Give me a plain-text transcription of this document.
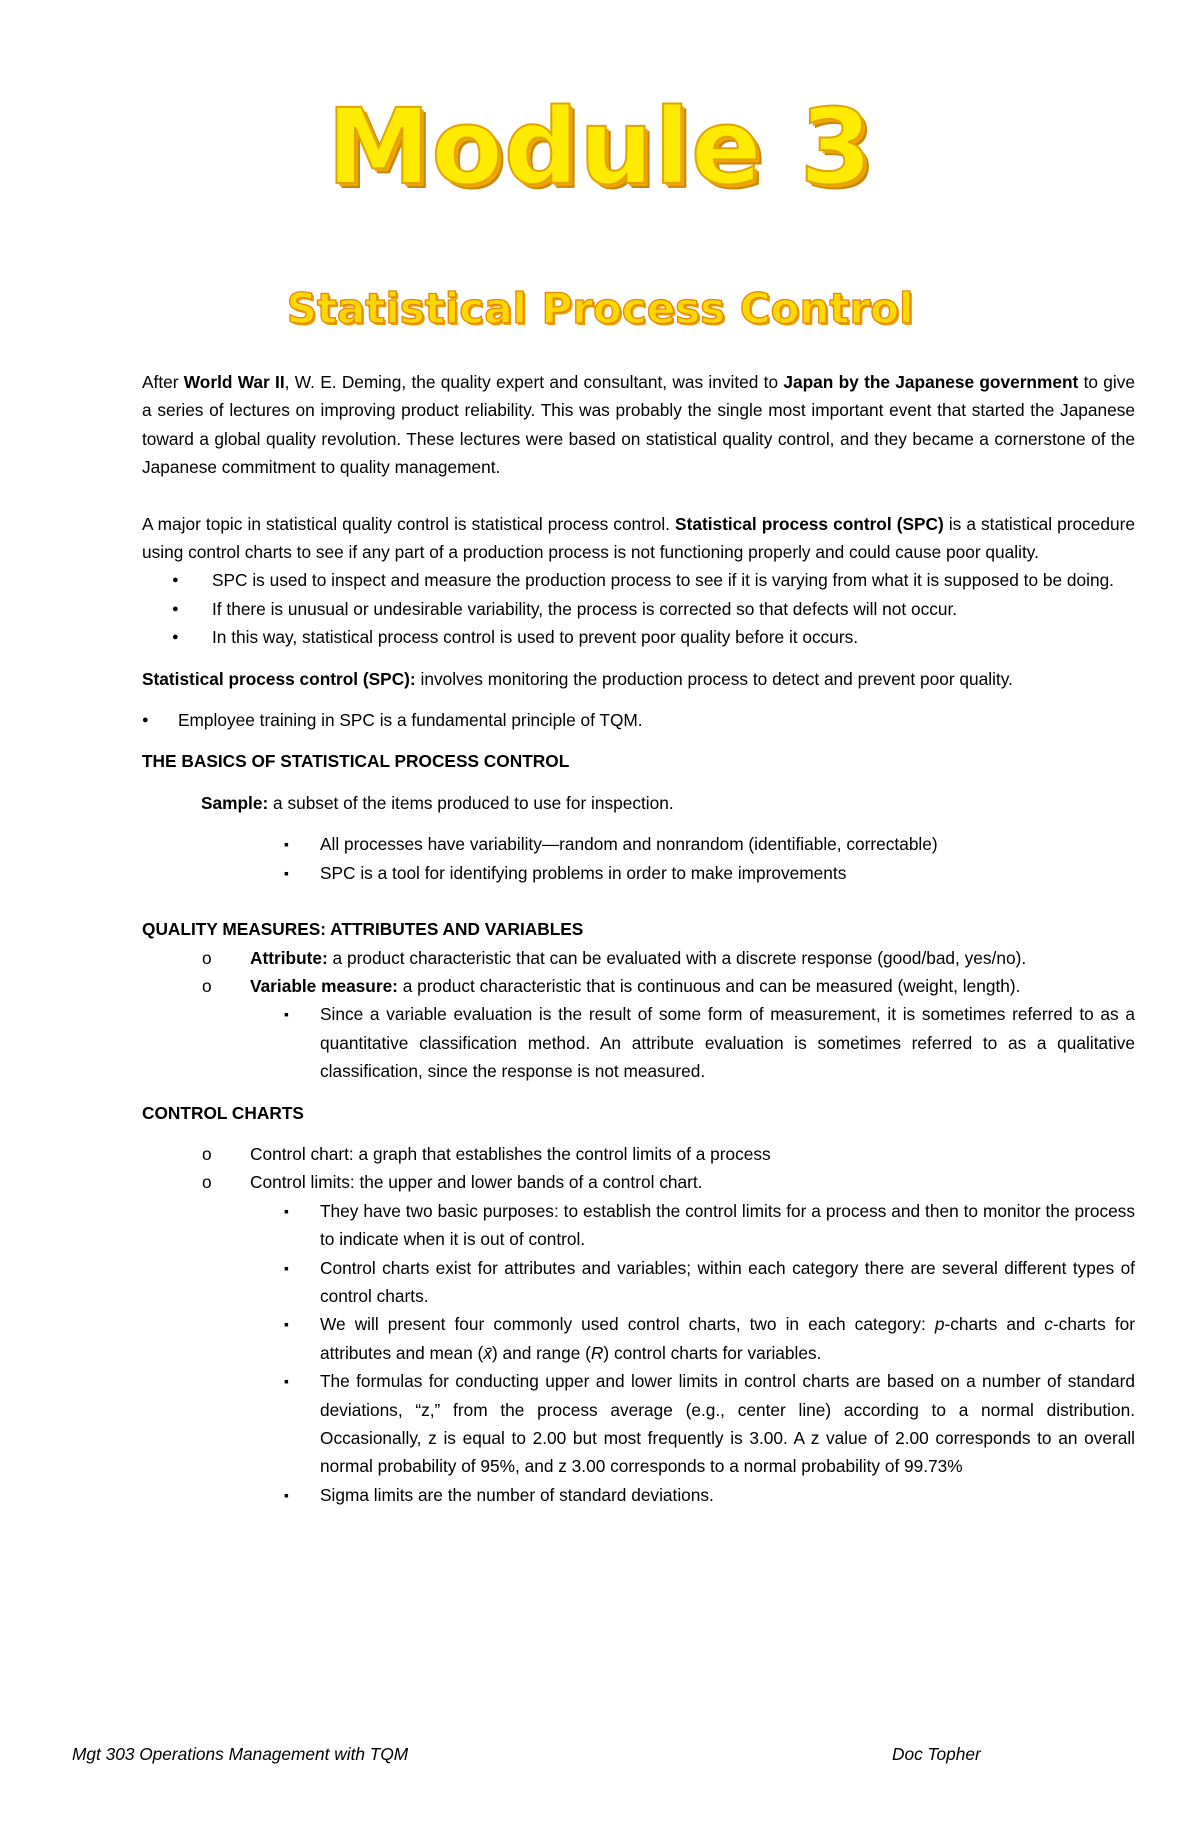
Module 3
Statistical Process Control

After World War II, W. E. Deming, the quality expert and consultant, was invited to Japan by the Japanese government to give a series of lectures on improving product reliability. This was probably the single most important event that started the Japanese toward a global quality revolution. These lectures were based on statistical quality control, and they became a cornerstone of the Japanese commitment to quality management.

A major topic in statistical quality control is statistical process control. Statistical process control (SPC) is a statistical procedure using control charts to see if any part of a production process is not functioning properly and could cause poor quality.

● SPC is used to inspect and measure the production process to see if it is varying from what it is supposed to be doing.
● If there is unusual or undesirable variability, the process is corrected so that defects will not occur.
● In this way, statistical process control is used to prevent poor quality before it occurs.

Statistical process control (SPC): involves monitoring the production process to detect and prevent poor quality.

● Employee training in SPC is a fundamental principle of TQM.

THE BASICS OF STATISTICAL PROCESS CONTROL

Sample: a subset of the items produced to use for inspection.

▪ All processes have variability—random and nonrandom (identifiable, correctable)
▪ SPC is a tool for identifying problems in order to make improvements

QUALITY MEASURES: ATTRIBUTES AND VARIABLES

o Attribute: a product characteristic that can be evaluated with a discrete response (good/bad, yes/no).
o Variable measure: a product characteristic that is continuous and can be measured (weight, length).
▪ Since a variable evaluation is the result of some form of measurement, it is sometimes referred to as a quantitative classification method. An attribute evaluation is sometimes referred to as a qualitative classification, since the response is not measured.

CONTROL CHARTS

o Control chart: a graph that establishes the control limits of a process
o Control limits: the upper and lower bands of a control chart.
▪ They have two basic purposes: to establish the control limits for a process and then to monitor the process to indicate when it is out of control.
▪ Control charts exist for attributes and variables; within each category there are several different types of control charts.
▪ We will present four commonly used control charts, two in each category: p-charts and c-charts for attributes and mean (x̄) and range (R) control charts for variables.
▪ The formulas for conducting upper and lower limits in control charts are based on a number of standard deviations, “z,” from the process average (e.g., center line) according to a normal distribution. Occasionally, z is equal to 2.00 but most frequently is 3.00. A z value of 2.00 corresponds to an overall normal probability of 95%, and z 3.00 corresponds to a normal probability of 99.73%
▪ Sigma limits are the number of standard deviations.
Mgt 303 Operations Management with TQM	Doc Topher
